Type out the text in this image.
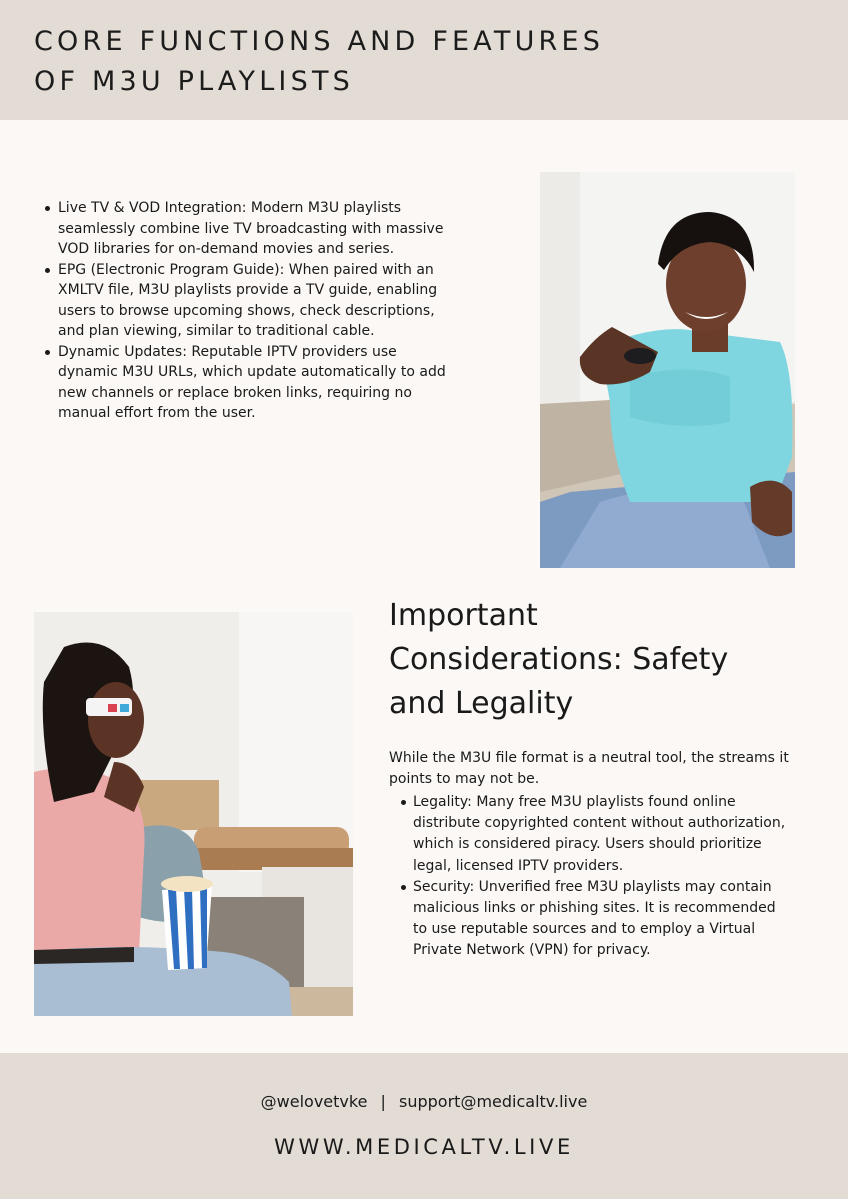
CORE FUNCTIONS AND FEATURES
OF M3U PLAYLISTS
Live TV & VOD Integration: Modern M3U playlists seamlessly combine live TV broadcasting with massive VOD libraries for on-demand movies and series.
EPG (Electronic Program Guide): When paired with an XMLTV file, M3U playlists provide a TV guide, enabling users to browse upcoming shows, check descriptions, and plan viewing, similar to traditional cable.
Dynamic Updates: Reputable IPTV providers use dynamic M3U URLs, which update automatically to add new channels or replace broken links, requiring no manual effort from the user.
Important
Considerations: Safety
and Legality

While the M3U file format is a neutral tool, the streams it points to may not be.

Legality: Many free M3U playlists found online distribute copyrighted content without authorization, which is considered piracy. Users should prioritize legal, licensed IPTV providers.
Security: Unverified free M3U playlists may contain malicious links or phishing sites. It is recommended to use reputable sources and to employ a Virtual Private Network (VPN) for privacy.
@welovetvke | support@medicaltv.live
WWW.MEDICALTV.LIVE
